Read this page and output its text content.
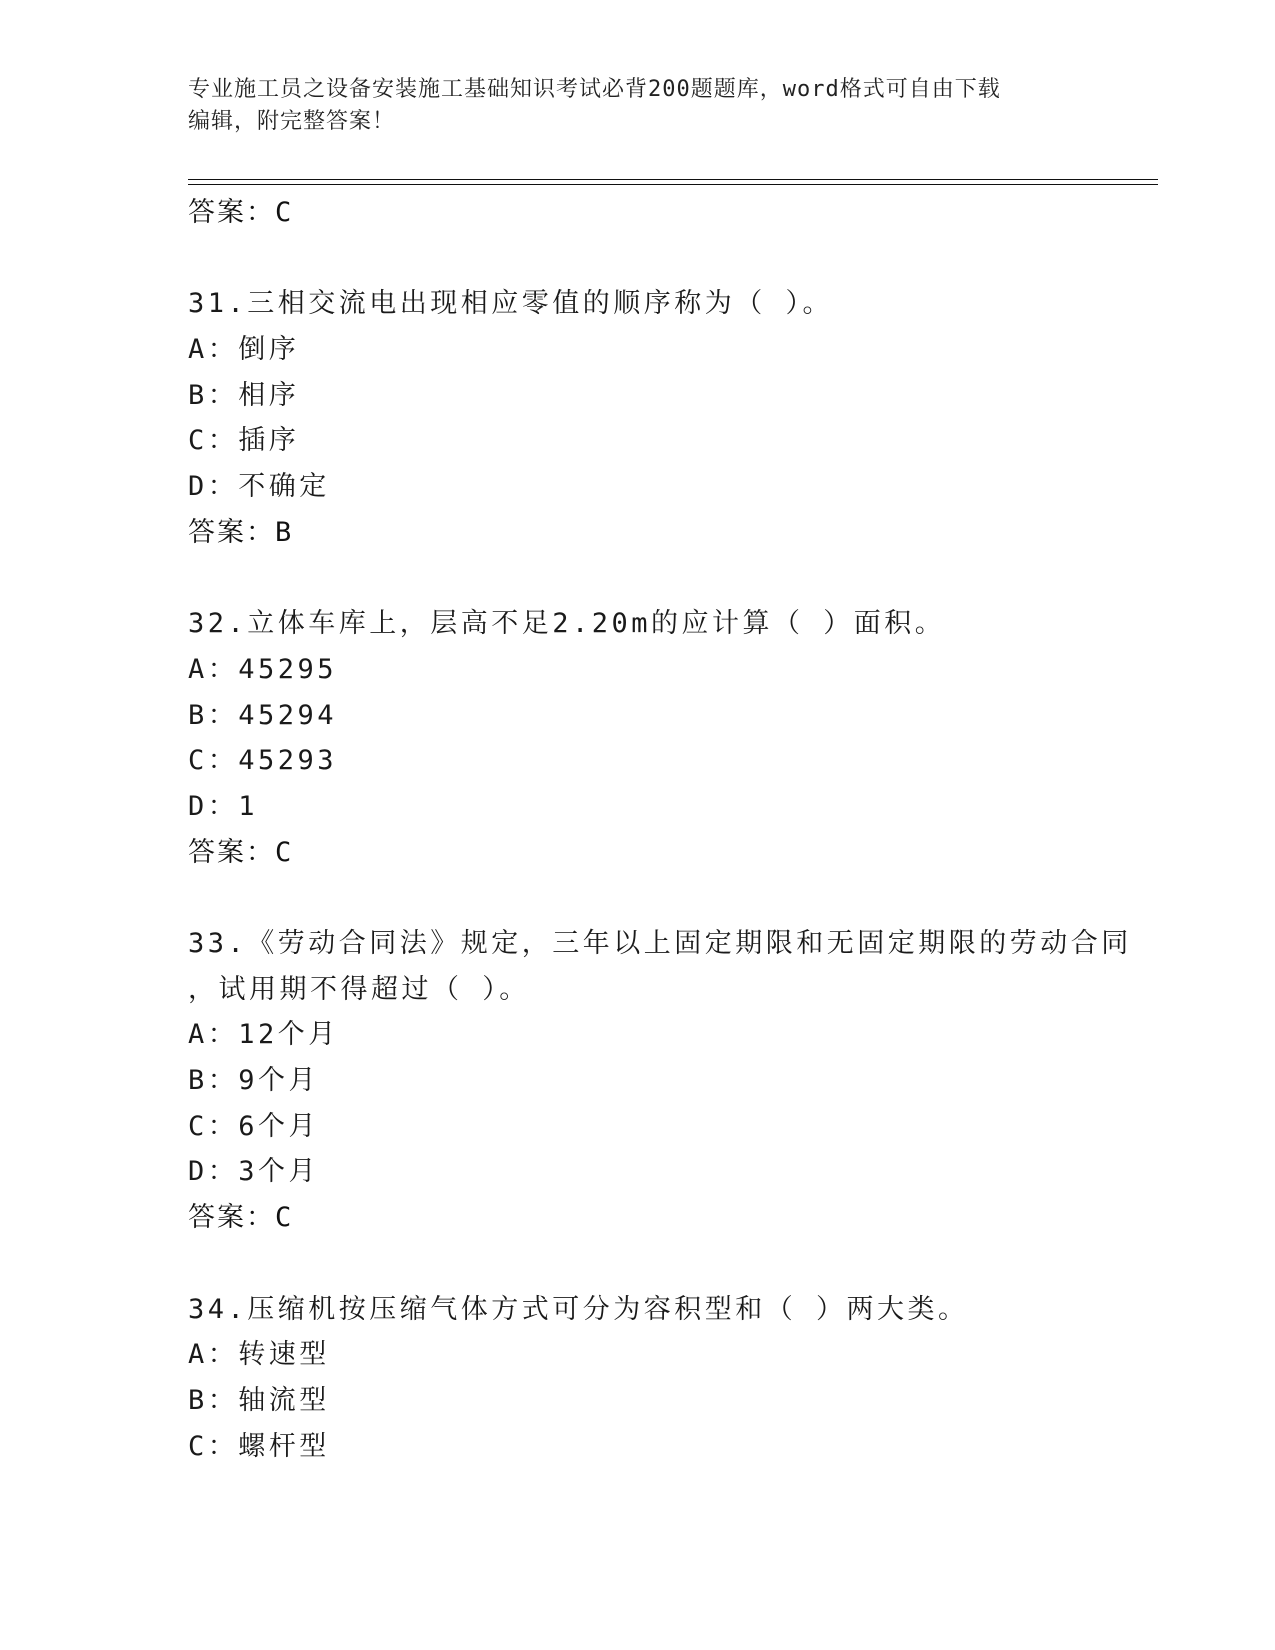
专业施工员之设备安装施工基础知识考试必背200题题库，word格式可自由下载
编辑，附完整答案！
答案：C
31.三相交流电出现相应零值的顺序称为（ ）。
A：倒序
B：相序
C：插序
D：不确定
答案：B
32.立体车库上，层高不足2.20m的应计算（ ）面积。
A：45295
B：45294
C：45293
D：1
答案：C
33.《劳动合同法》规定，三年以上固定期限和无固定期限的劳动合同
，试用期不得超过（ ）。
A：12个月
B：9个月
C：6个月
D：3个月
答案：C
34.压缩机按压缩气体方式可分为容积型和（ ）两大类。
A：转速型
B：轴流型
C：螺杆型
